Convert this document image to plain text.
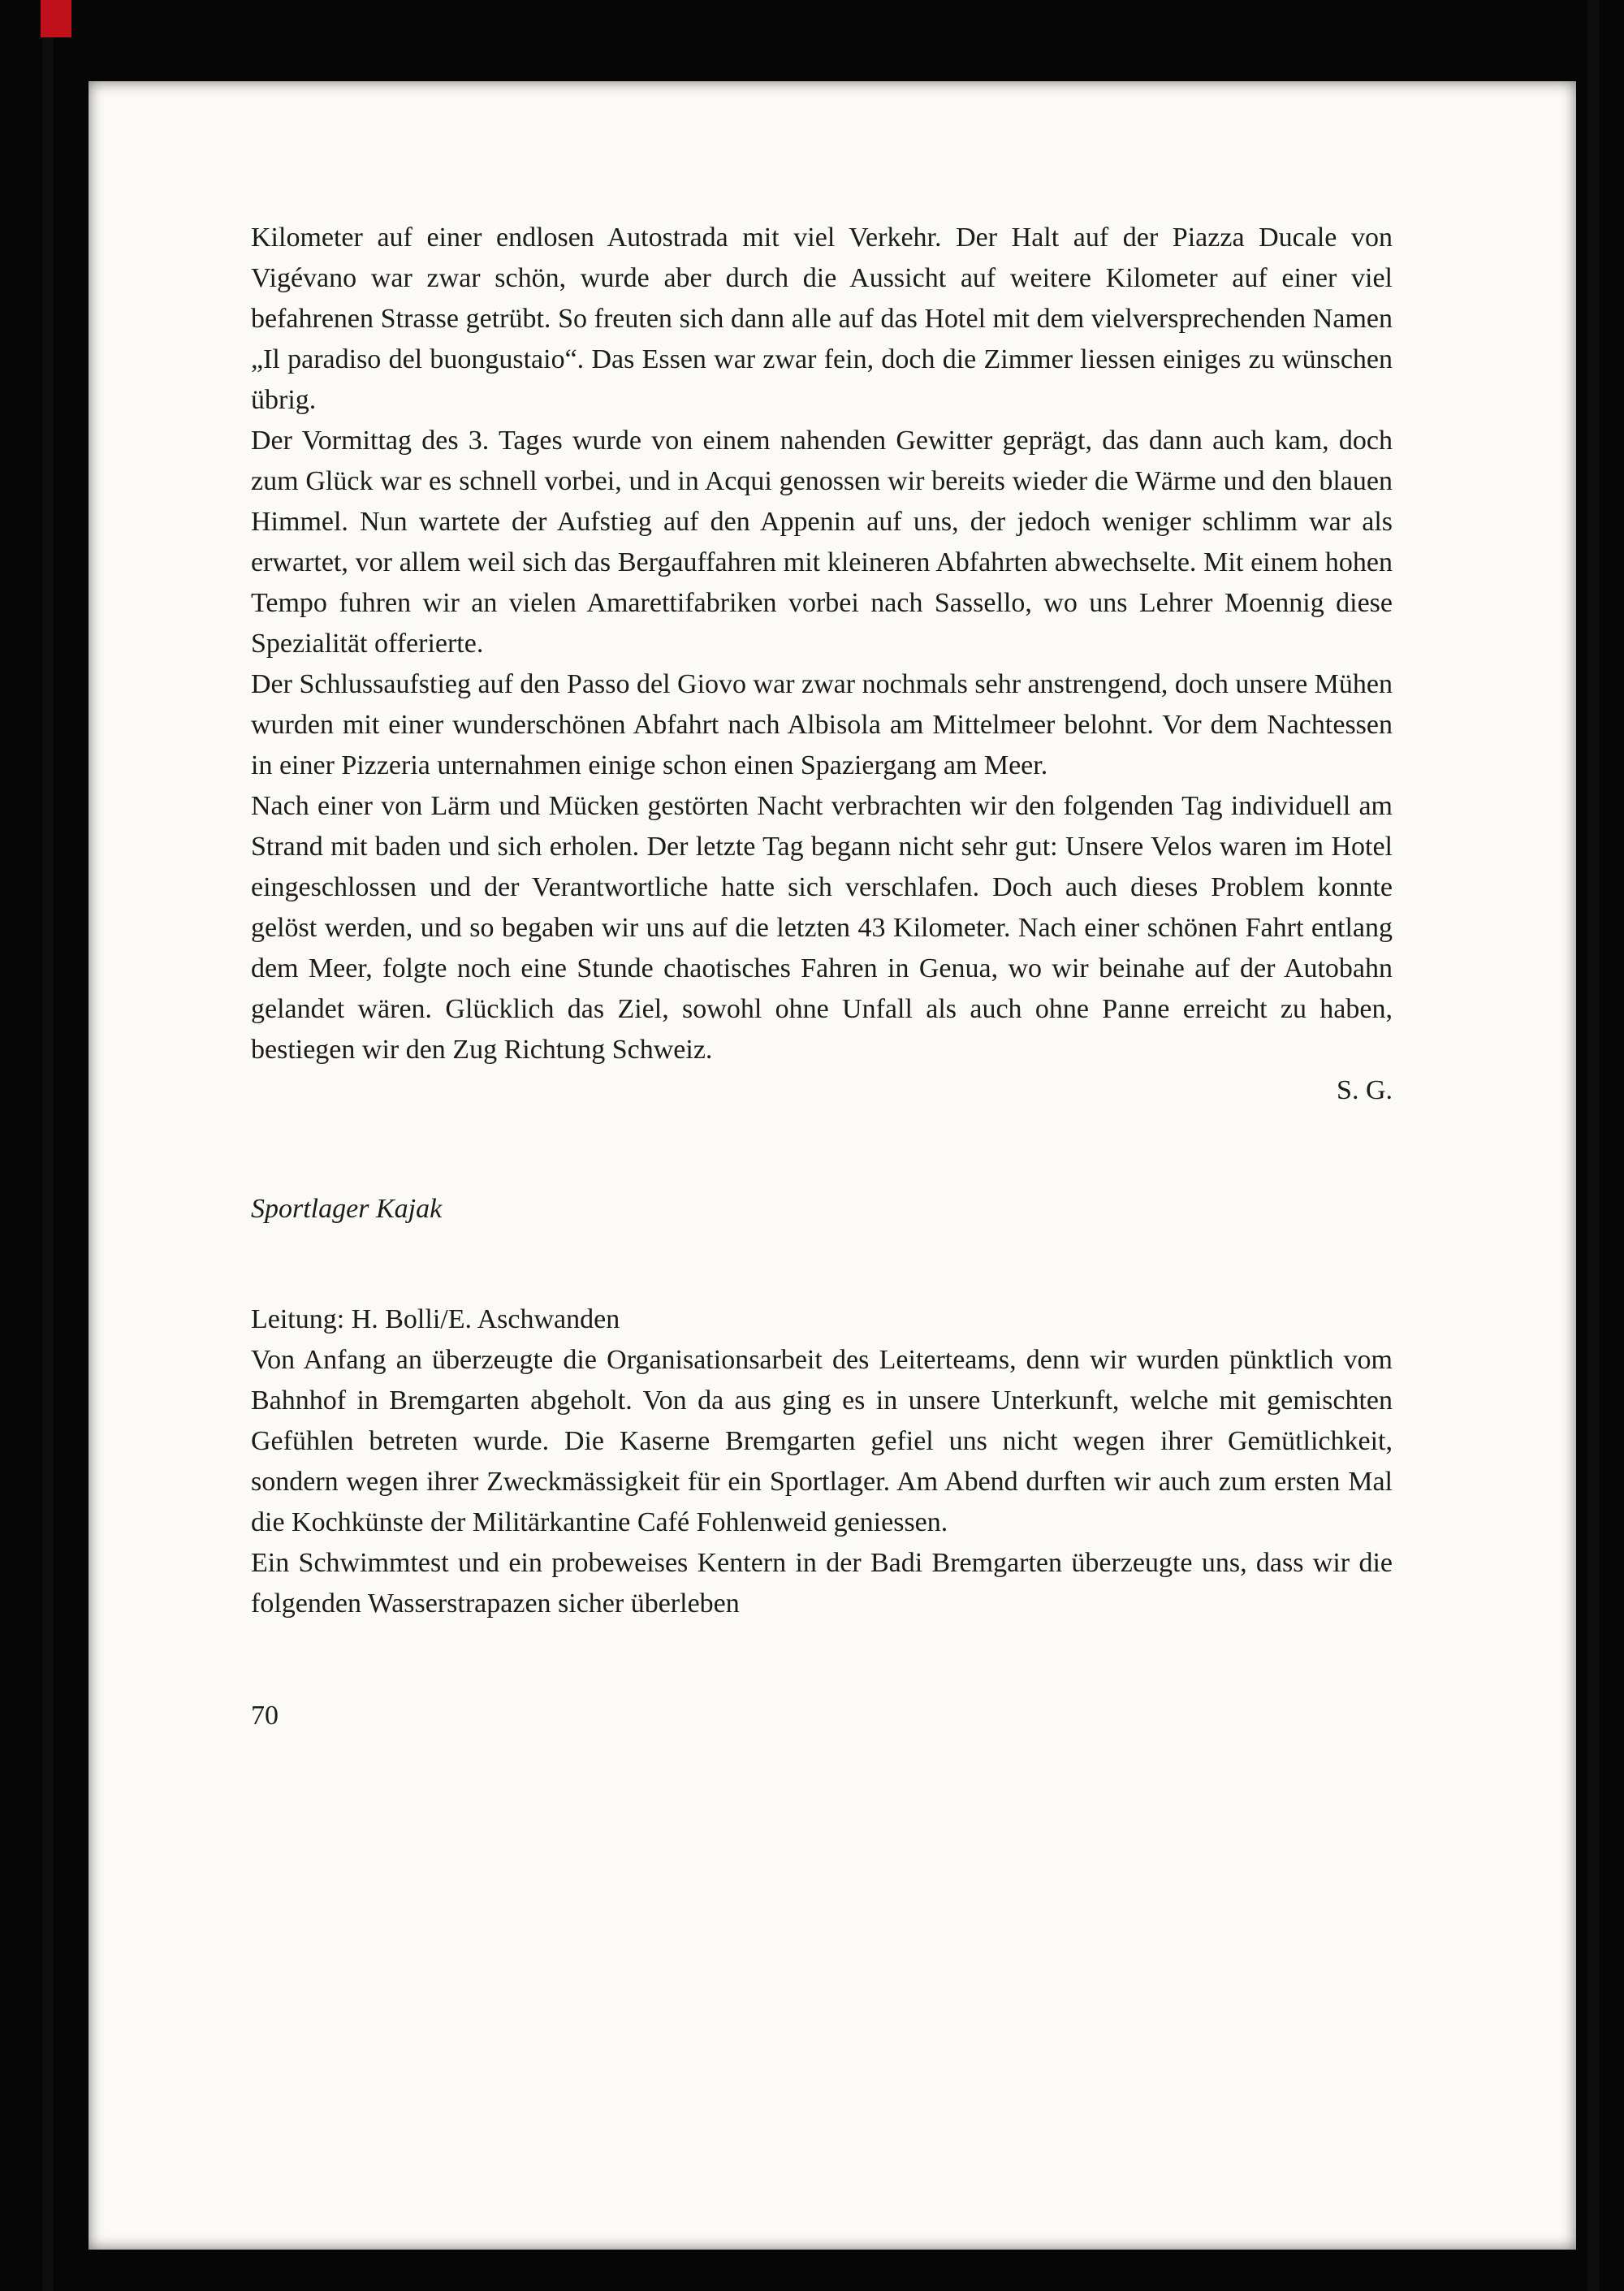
Kilometer auf einer endlosen Autostrada mit viel Verkehr. Der Halt auf der Piazza Ducale von Vigévano war zwar schön, wurde aber durch die Aussicht auf weitere Kilometer auf einer viel befahrenen Strasse getrübt. So freuten sich dann alle auf das Hotel mit dem vielversprechenden Namen „Il paradiso del buongustaio“. Das Essen war zwar fein, doch die Zimmer liessen einiges zu wünschen übrig.

Der Vormittag des 3. Tages wurde von einem nahenden Gewitter geprägt, das dann auch kam, doch zum Glück war es schnell vorbei, und in Acqui genossen wir bereits wieder die Wärme und den blauen Himmel. Nun wartete der Aufstieg auf den Appenin auf uns, der jedoch weniger schlimm war als erwartet, vor allem weil sich das Bergauffahren mit kleineren Abfahrten abwechselte. Mit einem hohen Tempo fuhren wir an vielen Amarettifabriken vorbei nach Sassello, wo uns Lehrer Moennig diese Spezialität offerierte.

Der Schlussaufstieg auf den Passo del Giovo war zwar nochmals sehr anstrengend, doch unsere Mühen wurden mit einer wunderschönen Abfahrt nach Albisola am Mittelmeer belohnt. Vor dem Nachtessen in einer Pizzeria unternahmen einige schon einen Spaziergang am Meer.

Nach einer von Lärm und Mücken gestörten Nacht verbrachten wir den folgenden Tag individuell am Strand mit baden und sich erholen. Der letzte Tag begann nicht sehr gut: Unsere Velos waren im Hotel eingeschlossen und der Verantwortliche hatte sich verschlafen. Doch auch dieses Problem konnte gelöst werden, und so begaben wir uns auf die letzten 43 Kilometer. Nach einer schönen Fahrt entlang dem Meer, folgte noch eine Stunde chaotisches Fahren in Genua, wo wir beinahe auf der Autobahn gelandet wären. Glücklich das Ziel, sowohl ohne Unfall als auch ohne Panne erreicht zu haben, bestiegen wir den Zug Richtung Schweiz.

S. G.

Sportlager Kajak

Leitung: H. Bolli/E. Aschwanden

Von Anfang an überzeugte die Organisationsarbeit des Leiterteams, denn wir wurden pünktlich vom Bahnhof in Bremgarten abgeholt. Von da aus ging es in unsere Unterkunft, welche mit gemischten Gefühlen betreten wurde. Die Kaserne Bremgarten gefiel uns nicht wegen ihrer Gemütlichkeit, sondern wegen ihrer Zweckmässigkeit für ein Sportlager. Am Abend durften wir auch zum ersten Mal die Kochkünste der Militärkantine Café Fohlenweid geniessen.

Ein Schwimmtest und ein probeweises Kentern in der Badi Bremgarten überzeugte uns, dass wir die folgenden Wasserstrapazen sicher überleben

70
